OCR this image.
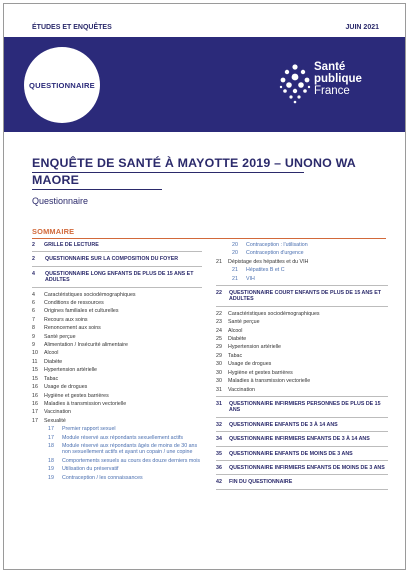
ÉTUDES ET ENQUÊTES	JUIN 2021
QUESTIONNAIRE
Santé
publique
France
ENQUÊTE DE SANTÉ À MAYOTTE 2019 – UNONO WA MAORE
Questionnaire
SOMMAIRE
2	GRILLE DE LECTURE
2	QUESTIONNAIRE SUR LA COMPOSITION DU FOYER
4	QUESTIONNAIRE LONG ENFANTS DE PLUS DE 15 ANS ET ADULTES
4	Caractéristiques sociodémographiques
6	Conditions de ressources
6	Origines familiales et culturelles
7	Recours aux soins
8	Renoncement aux soins
9	Santé perçue
9	Alimentation / Insécurité alimentaire
10	Alcool
11	Diabète
15	Hypertension artérielle
15	Tabac
16	Usage de drogues
16	Hygiène et gestes barrières
16	Maladies à transmission vectorielle
17	Vaccination
17	Sexualité
17	Premier rapport sexuel
17	Module réservé aux répondants sexuellement actifs
18	Module réservé aux répondants âgés de moins de 30 ans non sexuellement actifs et ayant un copain / une copine
18	Comportements sexuels au cours des douze derniers mois
19	Utilisation du préservatif
19	Contraception / les connaissances
20	Contraception : l'utilisation
20	Contraception d'urgence
21	Dépistage des hépatites et du VIH
21	Hépatites B et C
21	VIH
22	QUESTIONNAIRE COURT ENFANTS DE PLUS DE 15 ANS ET ADULTES
22	Caractéristiques sociodémographiques
23	Santé perçue
24	Alcool
25	Diabète
29	Hypertension artérielle
29	Tabac
30	Usage de drogues
30	Hygiène et gestes barrières
30	Maladies à transmission vectorielle
31	Vaccination
31	QUESTIONNAIRE INFIRMIERS PERSONNES DE PLUS DE 15 ANS
32	QUESTIONNAIRE ENFANTS DE 3 À 14 ANS
34	QUESTIONNAIRE INFIRMIERS ENFANTS DE 3 À 14 ANS
35	QUESTIONNAIRE ENFANTS DE MOINS DE 3 ANS
36	QUESTIONNAIRE INFIRMIERS ENFANTS DE MOINS DE 3 ANS
42	FIN DU QUESTIONNAIRE
